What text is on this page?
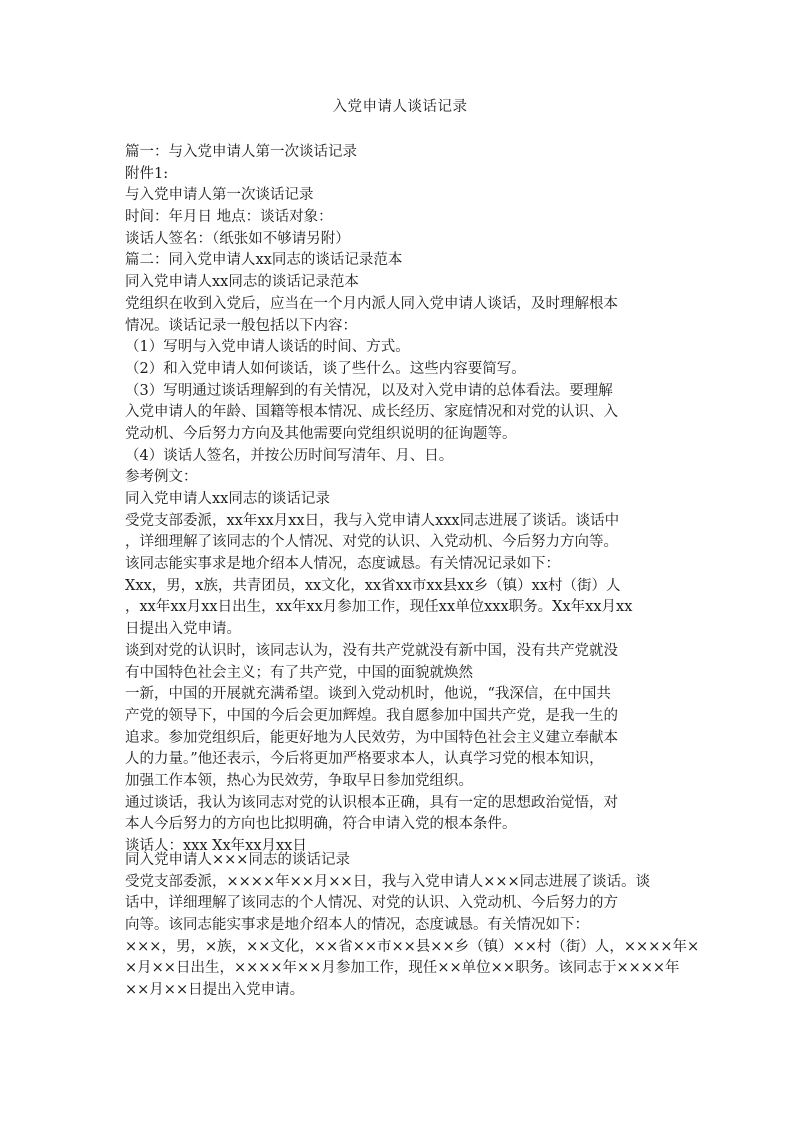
入党申请人谈话记录
篇一：与入党申请人第一次谈话记录
附件1:
与入党申请人第一次谈话记录
时间：年月日 地点：谈话对象：
谈话人签名：（纸张如不够请另附）
篇二：同入党申请人xx同志的谈话记录范本
同入党申请人xx同志的谈话记录范本
党组织在收到入党后，应当在一个月内派人同入党申请人谈话，及时理解根本
情况。谈话记录一般包括以下内容：
（1）写明与入党申请人谈话的时间、方式。
（2）和入党申请人如何谈话，谈了些什么。这些内容要简写。
（3）写明通过谈话理解到的有关情况，以及对入党申请的总体看法。要理解
入党申请人的年龄、国籍等根本情况、成长经历、家庭情况和对党的认识、入
党动机、今后努力方向及其他需要向党组织说明的征询题等。
（4）谈话人签名，并按公历时间写清年、月、日。
参考例文：
同入党申请人xx同志的谈话记录
受党支部委派，xx年xx月xx日，我与入党申请人xxx同志进展了谈话。谈话中
，详细理解了该同志的个人情况、对党的认识、入党动机、今后努力方向等。
该同志能实事求是地介绍本人情况，态度诚恳。有关情况记录如下：
Xxx，男，x族，共青团员，xx文化，xx省xx市xx县xx乡（镇）xx村（街）人
，xx年xx月xx日出生，xx年xx月参加工作，现任xx单位xxx职务。Xx年xx月xx
日提出入党申请。
谈到对党的认识时，该同志认为，没有共产党就没有新中国，没有共产党就没
有中国特色社会主义；有了共产党，中国的面貌就焕然
一新，中国的开展就充满希望。谈到入党动机时，他说，“我深信，在中国共
产党的领导下，中国的今后会更加辉煌。我自愿参加中国共产党，是我一生的
追求。参加党组织后，能更好地为人民效劳，为中国特色社会主义建立奉献本
人的力量。”他还表示，今后将更加严格要求本人，认真学习党的根本知识，
加强工作本领，热心为民效劳，争取早日参加党组织。
通过谈话，我认为该同志对党的认识根本正确，具有一定的思想政治觉悟，对
本人今后努力的方向也比拟明确，符合申请入党的根本条件。
谈话人：xxx Xx年xx月xx日
同入党申请人×××同志的谈话记录
受党支部委派，××××年××月××日，我与入党申请人×××同志进展了谈话。谈
话中，详细理解了该同志的个人情况、对党的认识、入党动机、今后努力的方
向等。该同志能实事求是地介绍本人的情况，态度诚恳。有关情况如下：
×××，男，×族，××文化，××省××市××县××乡（镇）××村（街）人，××××年×
×月××日出生，××××年××月参加工作，现任××单位××职务。该同志于××××年
××月××日提出入党申请。
